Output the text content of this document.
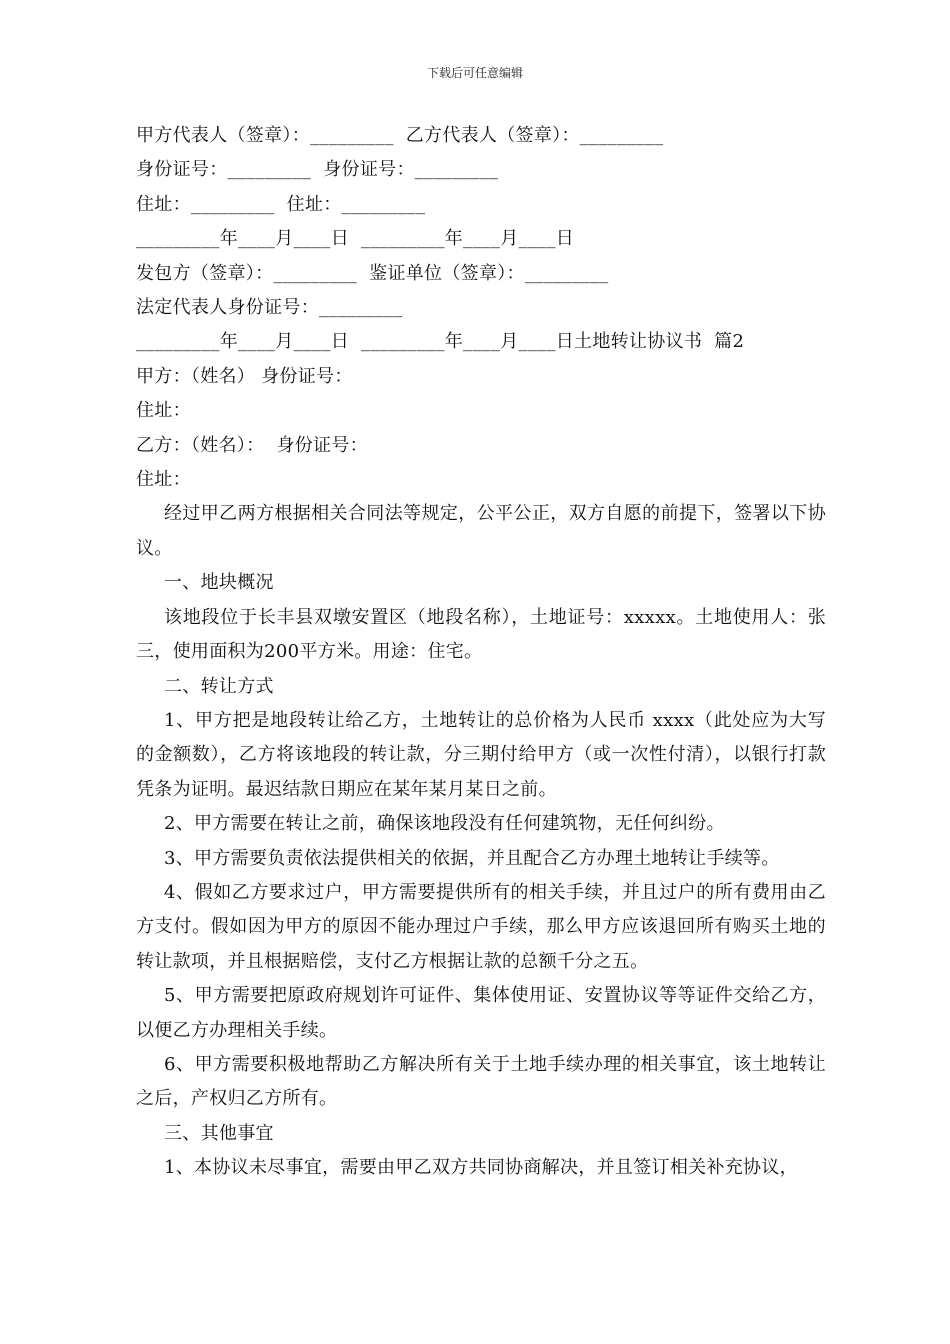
下载后可任意编辑
甲方代表人（签章）：_________  乙方代表人（签章）：_________
身份证号：_________  身份证号：_________
住址：_________  住址：_________
_________年____月____日  _________年____月____日
发包方（签章）：_________  鉴证单位（签章）：_________
法定代表人身份证号：_________
_________年____月____日  _________年____月____日土地转让协议书  篇2
甲方：（姓名） 身份证号：
住址：
乙方：（姓名）：  身份证号：
住址：
经过甲乙两方根据相关合同法等规定，公平公正，双方自愿的前提下，签署以下协议。
一、地块概况
该地段位于长丰县双墩安置区（地段名称），土地证号：xxxxx。土地使用人：张三，使用面积为200平方米。用途：住宅。
二、转让方式
1、甲方把是地段转让给乙方，土地转让的总价格为人民币 xxxx（此处应为大写的金额数），乙方将该地段的转让款，分三期付给甲方（或一次性付清），以银行打款凭条为证明。最迟结款日期应在某年某月某日之前。
2、甲方需要在转让之前，确保该地段没有任何建筑物，无任何纠纷。
3、甲方需要负责依法提供相关的依据，并且配合乙方办理土地转让手续等。
4、假如乙方要求过户，甲方需要提供所有的相关手续，并且过户的所有费用由乙方支付。假如因为甲方的原因不能办理过户手续，那么甲方应该退回所有购买土地的转让款项，并且根据赔偿，支付乙方根据让款的总额千分之五。
5、甲方需要把原政府规划许可证件、集体使用证、安置协议等等证件交给乙方，以便乙方办理相关手续。
6、甲方需要积极地帮助乙方解决所有关于土地手续办理的相关事宜，该土地转让之后，产权归乙方所有。
三、其他事宜
1、本协议未尽事宜，需要由甲乙双方共同协商解决，并且签订相关补充协议，
